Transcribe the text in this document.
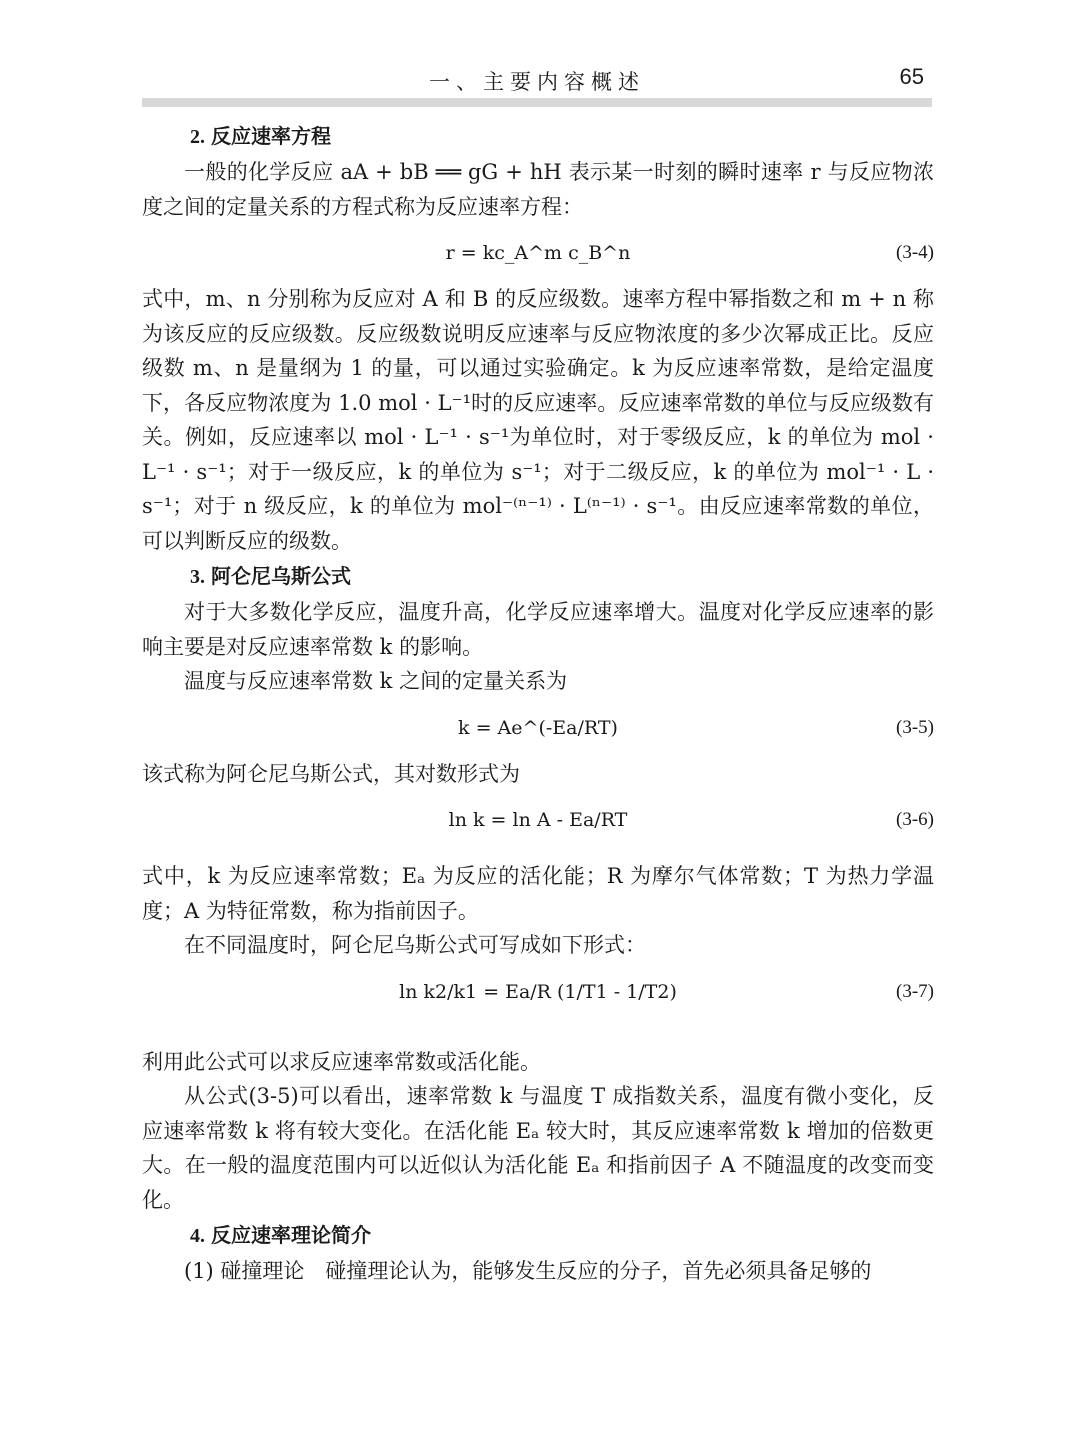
一、主要内容概述	65
2. 反应速率方程

一般的化学反应 aA + bB ══ gG + hH 表示某一时刻的瞬时速率 r 与反应物浓度之间的定量关系的方程式称为反应速率方程：

r = kc_A^m c_B^n	(3-4)

式中，m、n 分别称为反应对 A 和 B 的反应级数。速率方程中幂指数之和 m + n 称为该反应的反应级数。反应级数说明反应速率与反应物浓度的多少次幂成正比。反应级数 m、n 是量纲为 1 的量，可以通过实验确定。k 为反应速率常数，是给定温度下，各反应物浓度为 1.0 mol · L⁻¹时的反应速率。反应速率常数的单位与反应级数有关。例如，反应速率以 mol · L⁻¹ · s⁻¹为单位时，对于零级反应，k 的单位为 mol · L⁻¹ · s⁻¹；对于一级反应，k 的单位为 s⁻¹；对于二级反应，k 的单位为 mol⁻¹ · L · s⁻¹；对于 n 级反应，k 的单位为 mol⁻⁽ⁿ⁻¹⁾ · L⁽ⁿ⁻¹⁾ · s⁻¹。由反应速率常数的单位，可以判断反应的级数。

3. 阿仑尼乌斯公式

对于大多数化学反应，温度升高，化学反应速率增大。温度对化学反应速率的影响主要是对反应速率常数 k 的影响。

温度与反应速率常数 k 之间的定量关系为

k = Ae^(-Ea/RT)	(3-5)

该式称为阿仑尼乌斯公式，其对数形式为

ln k = ln A - Ea/RT	(3-6)

式中，k 为反应速率常数；Eₐ 为反应的活化能；R 为摩尔气体常数；T 为热力学温度；A 为特征常数，称为指前因子。

在不同温度时，阿仑尼乌斯公式可写成如下形式：

ln k2/k1 = Ea/R (1/T1 - 1/T2)	(3-7)

利用此公式可以求反应速率常数或活化能。

从公式(3-5)可以看出，速率常数 k 与温度 T 成指数关系，温度有微小变化，反应速率常数 k 将有较大变化。在活化能 Eₐ 较大时，其反应速率常数 k 增加的倍数更大。在一般的温度范围内可以近似认为活化能 Eₐ 和指前因子 A 不随温度的改变而变化。

4. 反应速率理论简介

(1) 碰撞理论　碰撞理论认为，能够发生反应的分子，首先必须具备足够的
